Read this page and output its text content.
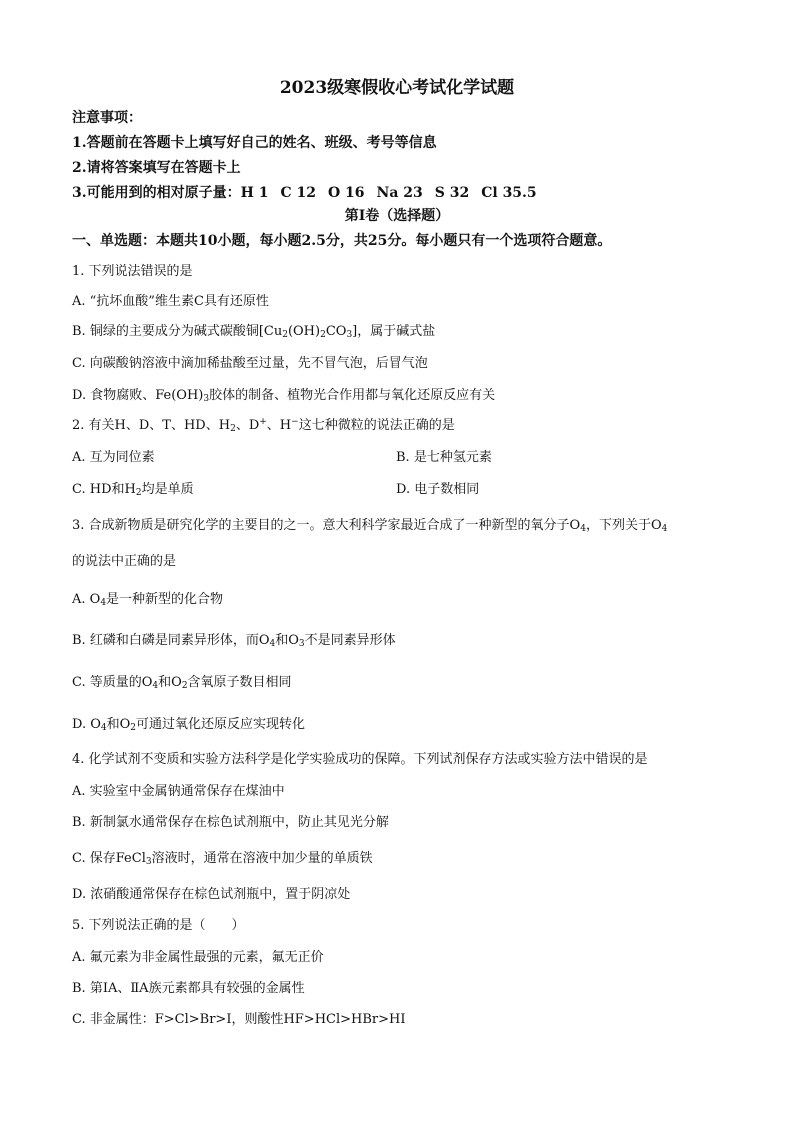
2023级寒假收心考试化学试题
注意事项：
1.答题前在答题卡上填写好自己的姓名、班级、考号等信息
2.请将答案填写在答题卡上
3.可能用到的相对原子量：H 1 C 12 O 16 Na 23 S 32 Cl 35.5
第Ⅰ卷（选择题）
一、单选题：本题共10小题，每小题2.5分，共25分。每小题只有一个选项符合题意。
1. 下列说法错误的是
A. “抗坏血酸”维生素C具有还原性
B. 铜绿的主要成分为碱式碳酸铜$[Cu_2(OH)_2CO_3]$，属于碱式盐
C. 向碳酸钠溶液中滴加稀盐酸至过量，先不冒气泡，后冒气泡
D. 食物腐败、$Fe(OH)_3$胶体的制备、植物光合作用都与氧化还原反应有关
2. 有关H、D、T、HD、$H_2$、D+、H−这七种微粒的说法正确的是
A. 互为同位素	B. 是七种氢元素
C. HD和$H_2$均是单质	D. 电子数相同
3. 合成新物质是研究化学的主要目的之一。意大利科学家最近合成了一种新型的氧分子$O_4$，下列关于$O_4$
的说法中正确的是
A. $O_4$是一种新型的化合物
B. 红磷和白磷是同素异形体，而$O_4$和$O_3$不是同素异形体
C. 等质量的$O_4$和$O_2$含氧原子数目相同
D. $O_4$和$O_2$可通过氧化还原反应实现转化
4. 化学试剂不变质和实验方法科学是化学实验成功的保障。下列试剂保存方法或实验方法中错误的是
A. 实验室中金属钠通常保存在煤油中
B. 新制氯水通常保存在棕色试剂瓶中，防止其见光分解
C. 保存FeCl$_3$溶液时，通常在溶液中加少量的单质铁
D. 浓硝酸通常保存在棕色试剂瓶中，置于阴凉处
5. 下列说法正确的是（　　）
A. 氟元素为非金属性最强的元素，氟无正价
B. 第ⅠA、ⅡA族元素都具有较强的金属性
C. 非金属性：F>Cl>Br>I，则酸性HF>HCl>HBr>HI
